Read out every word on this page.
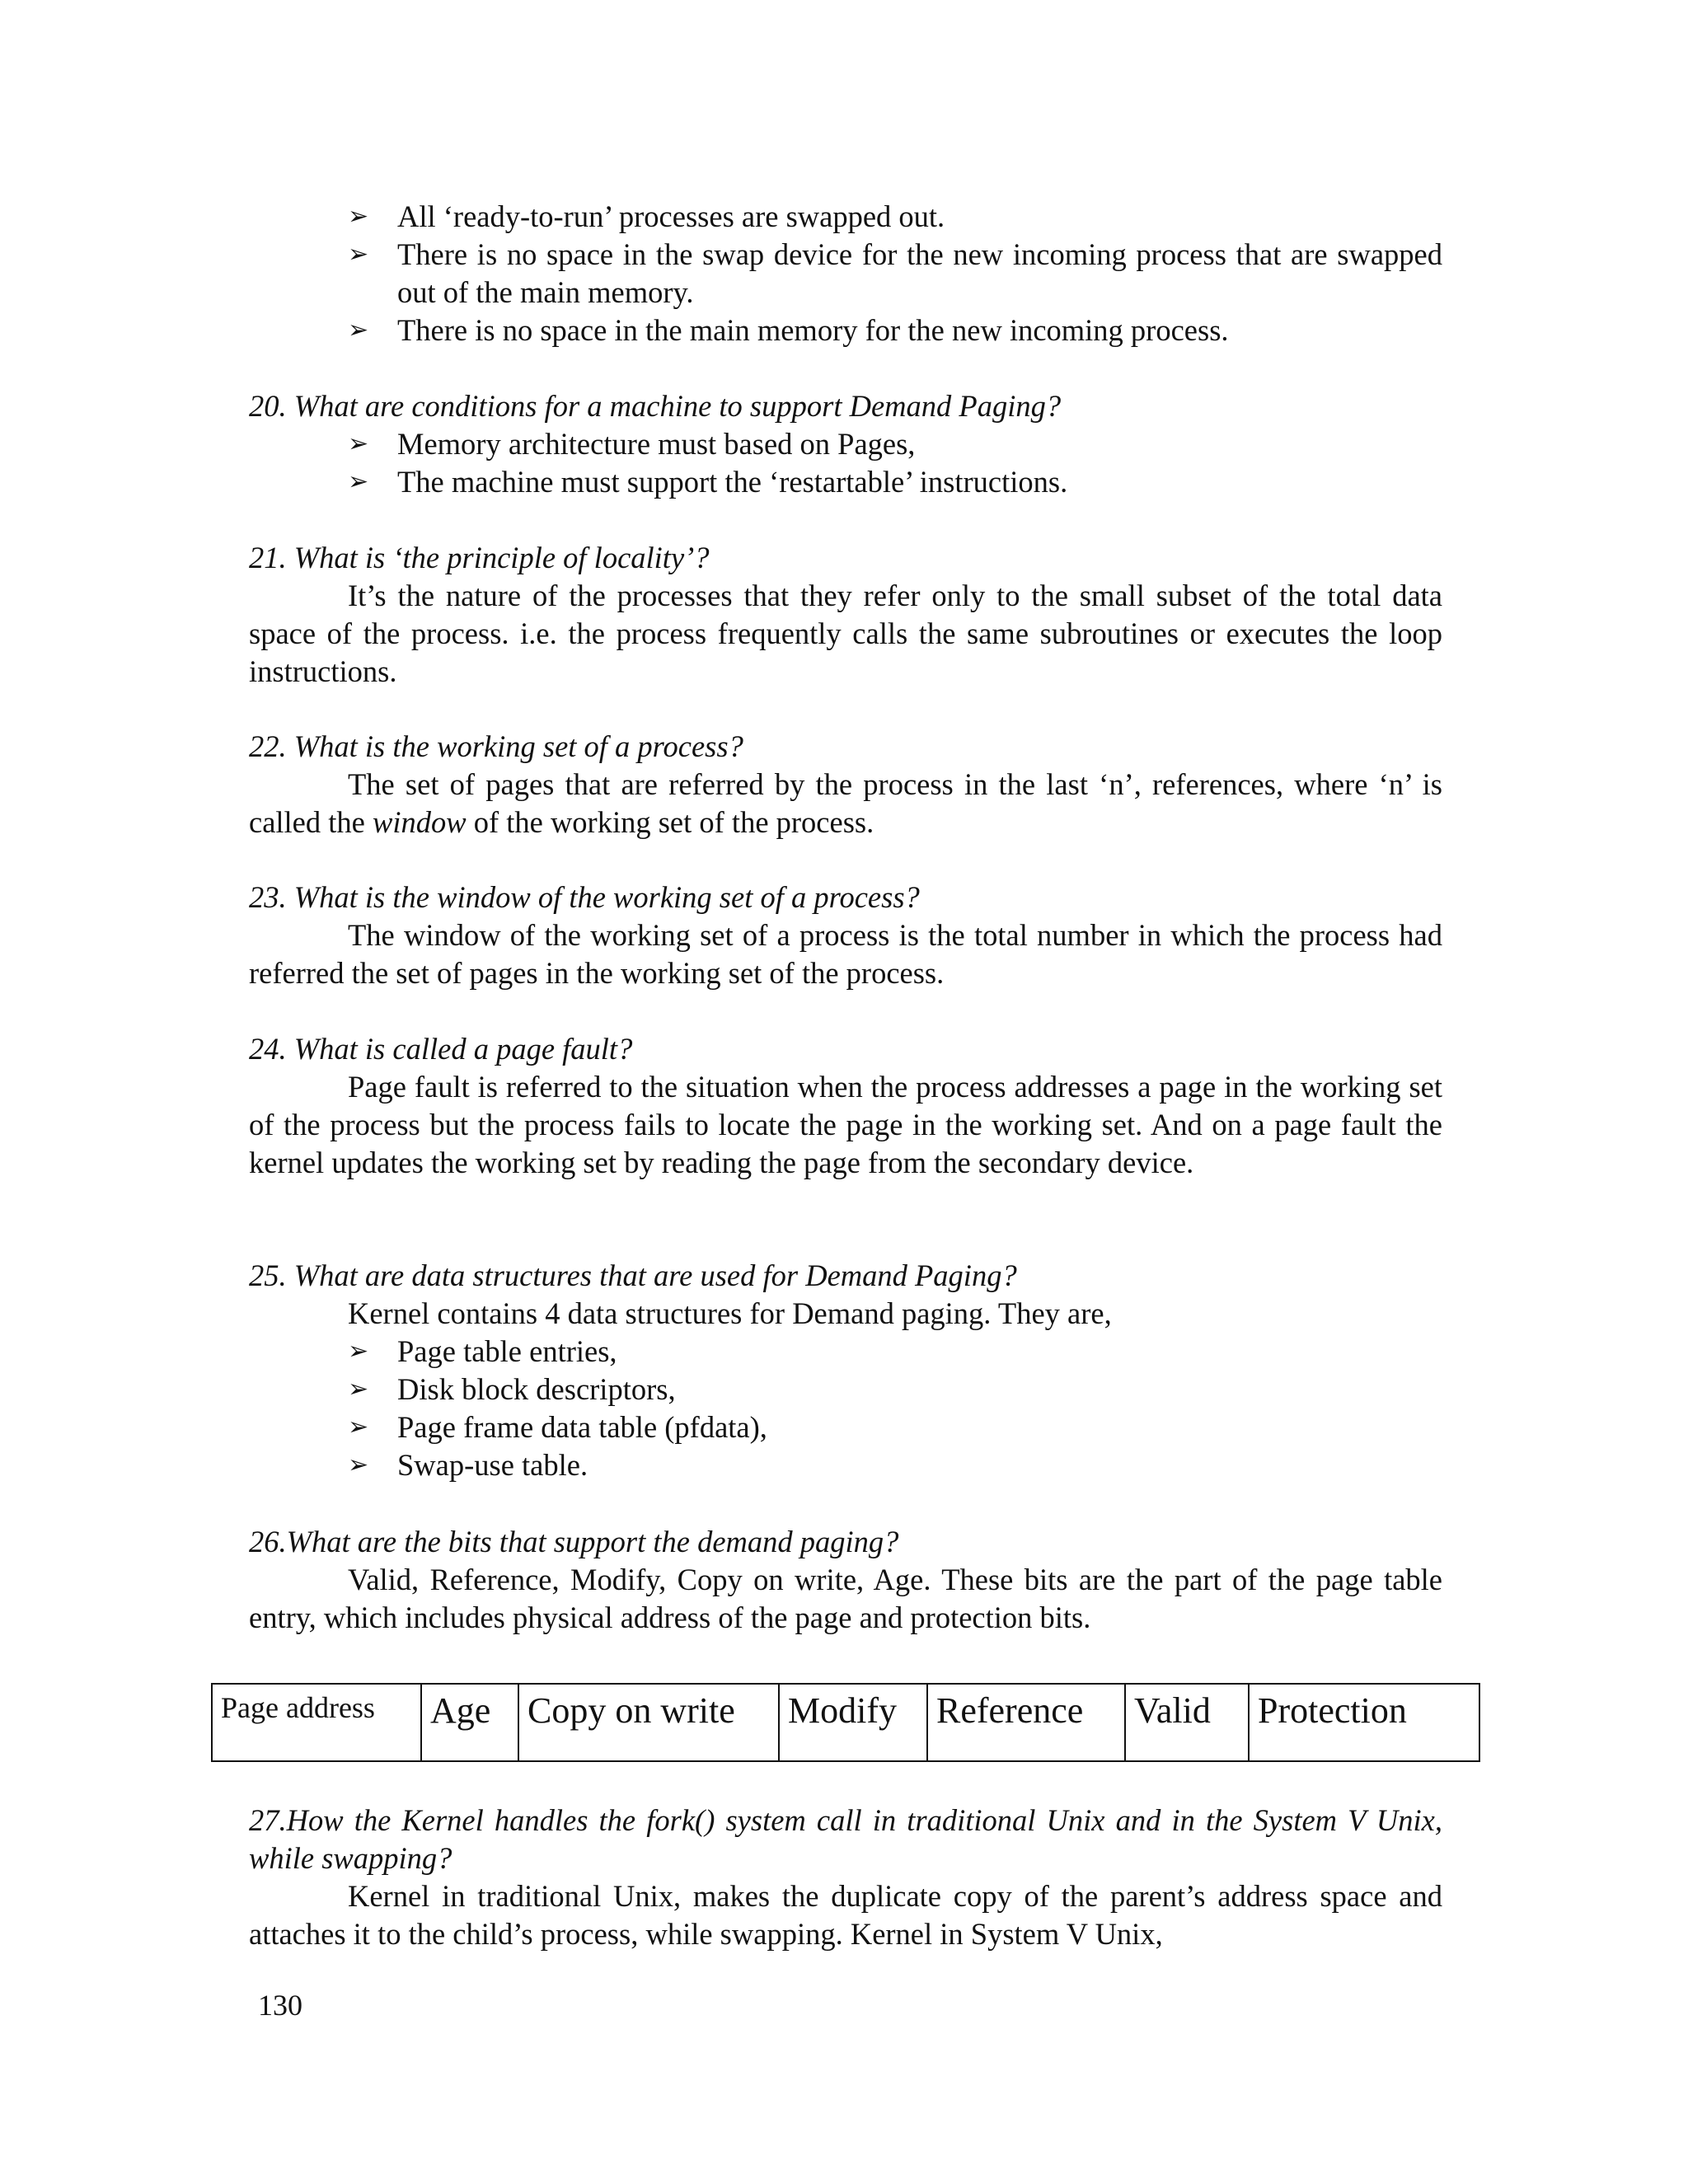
➢ All ‘ready-to-run’ processes are swapped out.
➢ There is no space in the swap device for the new incoming process that are swapped out of the main memory.
➢ There is no space in the main memory for the new incoming process.

20. What are conditions for a machine to support Demand Paging?

➢ Memory architecture must based on Pages,
➢ The machine must support the ‘restartable’ instructions.

21. What is ‘the principle of locality’?

It’s the nature of the processes that they refer only to the small subset of the total data space of the process. i.e. the process frequently calls the same subroutines or executes the loop instructions.

22. What is the working set of a process?

The set of pages that are referred by the process in the last ‘n’, references, where ‘n’ is called the window of the working set of the process.

23. What is the window of the working set of a process?

The window of the working set of a process is the total number in which the process had referred the set of pages in the working set of the process.

24. What is called a page fault?

Page fault is referred to the situation when the process addresses a page in the working set of the process but the process fails to locate the page in the working set. And on a page fault the kernel updates the working set by reading the page from the secondary device.

25. What are data structures that are used for Demand Paging?

Kernel contains 4 data structures for Demand paging. They are,

➢ Page table entries,
➢ Disk block descriptors,
➢ Page frame data table (pfdata),
➢ Swap-use table.

26.What are the bits that support the demand paging?

Valid, Reference, Modify, Copy on write, Age. These bits are the part of the page table entry, which includes physical address of the page and protection bits.

Page address	Age	Copy on write	Modify	Reference	Valid	Protection

27.How the Kernel handles the fork() system call in traditional Unix and in the System V Unix, while swapping?

Kernel in traditional Unix, makes the duplicate copy of the parent’s address space and attaches it to the child’s process, while swapping. Kernel in System V Unix,

130
